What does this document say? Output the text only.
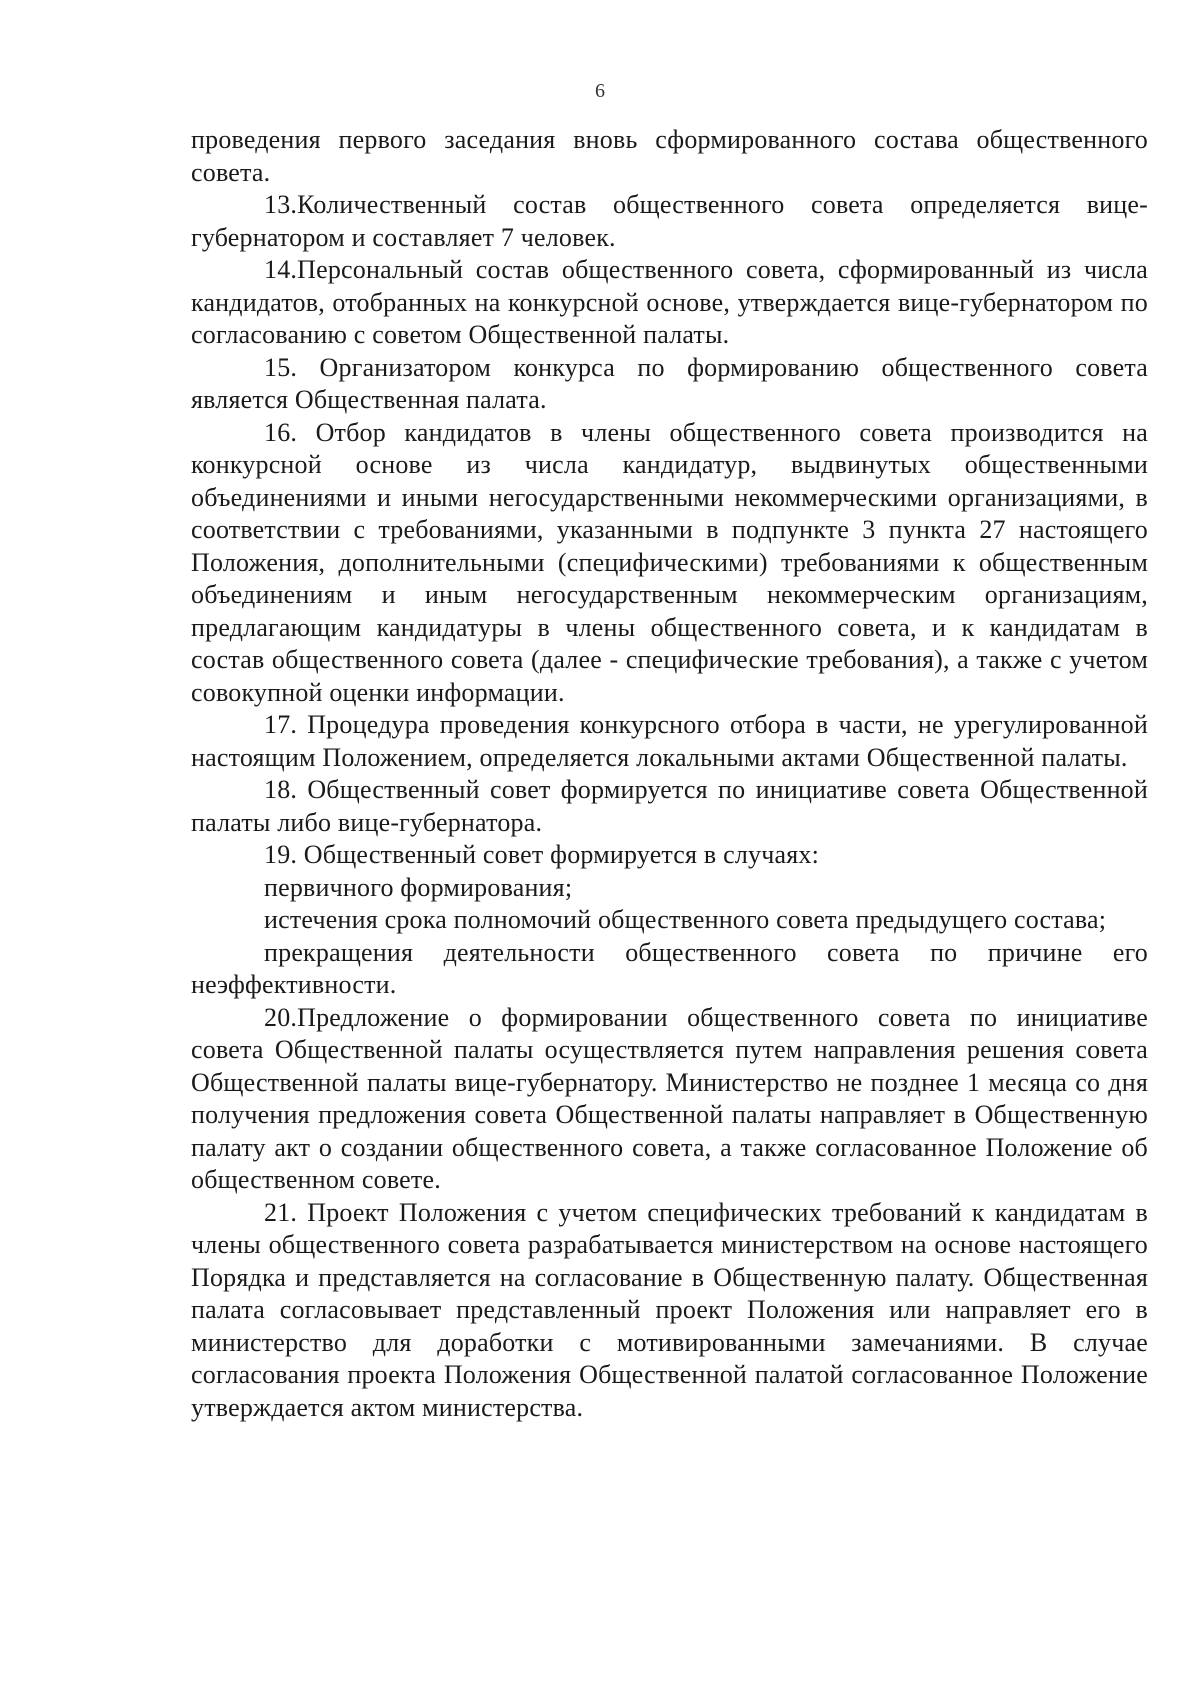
6

проведения первого заседания вновь сформированного состава общественного совета.

13.Количественный состав общественного совета определяется вице-губернатором и составляет 7 человек.

14.Персональный состав общественного совета, сформированный из числа кандидатов, отобранных на конкурсной основе, утверждается вице-губернатором по согласованию с советом Общественной палаты.

15. Организатором конкурса по формированию общественного совета является Общественная палата.

16. Отбор кандидатов в члены общественного совета производится на конкурсной основе из числа кандидатур, выдвинутых общественными объединениями и иными негосударственными некоммерческими организациями, в соответствии с требованиями, указанными в подпункте 3 пункта 27 настоящего Положения, дополнительными (специфическими) требованиями к общественным объединениям и иным негосударственным некоммерческим организациям, предлагающим кандидатуры в члены общественного совета, и к кандидатам в состав общественного совета (далее - специфические требования), а также с учетом совокупной оценки информации.

17. Процедура проведения конкурсного отбора в части, не урегулированной настоящим Положением, определяется локальными актами Общественной палаты.

18. Общественный совет формируется по инициативе совета Общественной палаты либо вице-губернатора.

19. Общественный совет формируется в случаях:

первичного формирования;

истечения срока полномочий общественного совета предыдущего состава;

прекращения деятельности общественного совета по причине его неэффективности.

20.Предложение о формировании общественного совета по инициативе совета Общественной палаты осуществляется путем направления решения совета Общественной палаты вице-губернатору. Министерство не позднее 1 месяца со дня получения предложения совета Общественной палаты направляет в Общественную палату акт о создании общественного совета, а также согласованное Положение об общественном совете.

21. Проект Положения с учетом специфических требований к кандидатам в члены общественного совета разрабатывается министерством на основе настоящего Порядка и представляется на согласование в Общественную палату. Общественная палата согласовывает представленный проект Положения или направляет его в министерство для доработки с мотивированными замечаниями. В случае согласования проекта Положения Общественной палатой согласованное Положение утверждается актом министерства.
